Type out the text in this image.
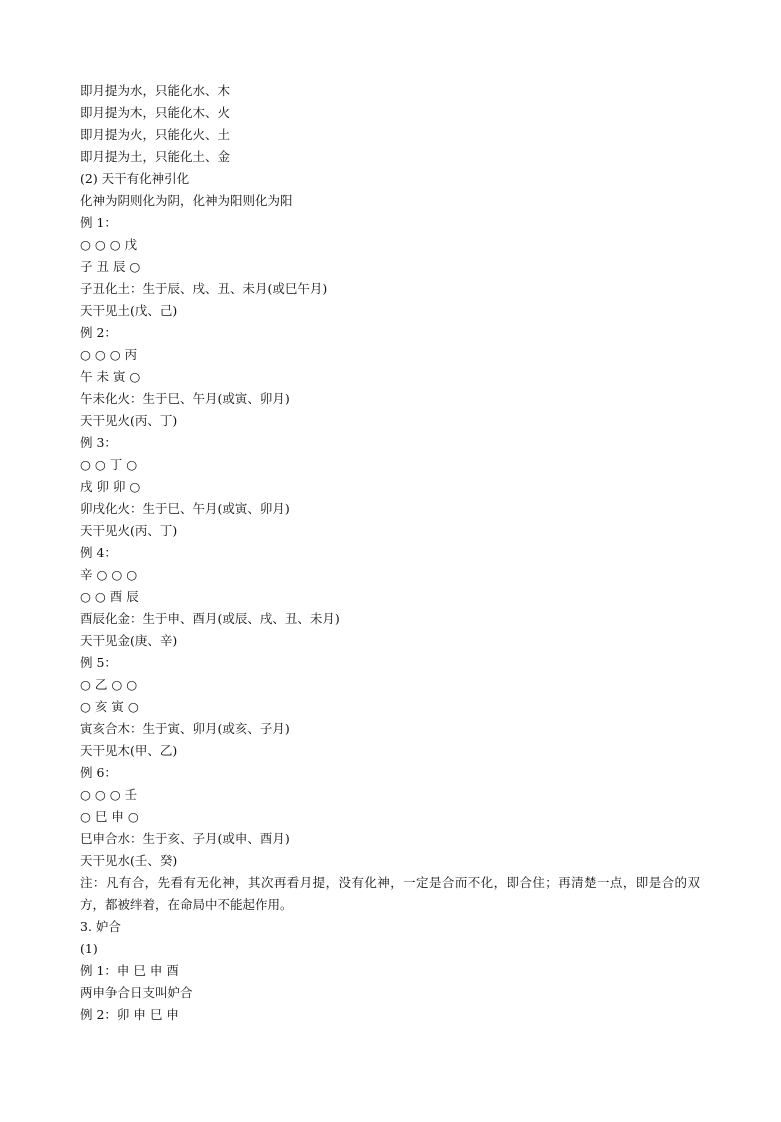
即月提为水，只能化水、木

即月提为木，只能化木、火

即月提为火，只能化火、土

即月提为土，只能化土、金

(2) 天干有化神引化

化神为阴则化为阴，化神为阳则化为阳

例 1：

○ ○ ○ 戊

子 丑 辰 ○

子丑化土：生于辰、戌、丑、未月(或巳午月)

天干见土(戊、己)

例 2：

○ ○ ○ 丙

午 未 寅 ○

午未化火：生于巳、午月(或寅、卯月)

天干见火(丙、丁)

例 3：

○ ○ 丁 ○

戌 卯 卯 ○

卯戌化火：生于巳、午月(或寅、卯月)

天干见火(丙、丁)

例 4：

辛 ○ ○ ○

○ ○ 酉 辰

酉辰化金：生于申、酉月(或辰、戌、丑、未月)

天干见金(庚、辛)

例 5：

○ 乙 ○ ○

○ 亥 寅 ○

寅亥合木：生于寅、卯月(或亥、子月)

天干见木(甲、乙)

例 6：

○ ○ ○ 壬

○ 巳 申 ○

巳申合水：生于亥、子月(或申、酉月)

天干见水(壬、癸)

注：凡有合，先看有无化神，其次再看月提，没有化神，一定是合而不化，即合住；再清楚一点，即是合的双方，都被绊着，在命局中不能起作用。

3. 妒合

(1)

例 1：申 巳 申 酉

两申争合日支叫妒合

例 2：卯 申 巳 申
